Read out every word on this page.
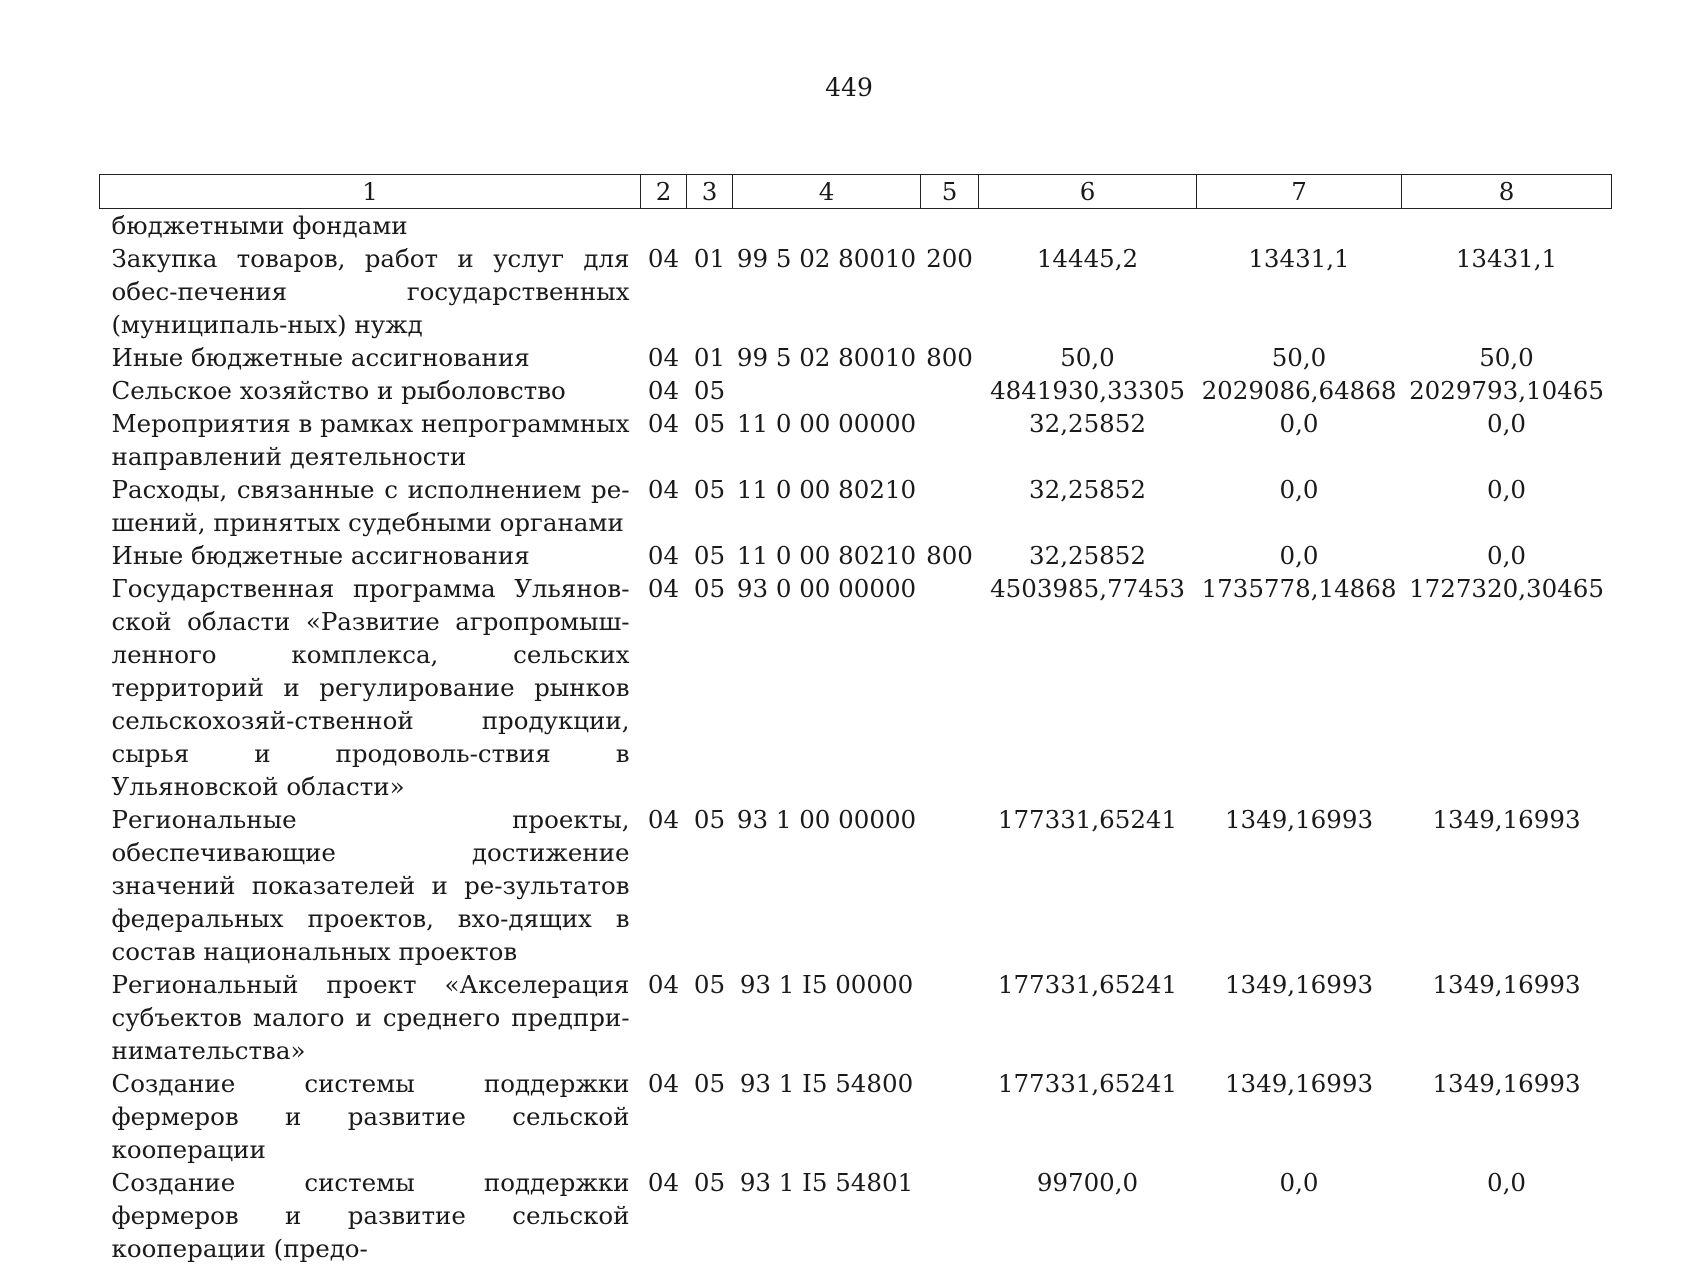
449
1	2	3	4	5	6	7	8
бюджетными фондами							
Закупка товаров, работ и услуг для обес-печения государственных (муниципаль-ных) нужд	04	01	99 5 02 80010	200	14445,2	13431,1	13431,1
Иные бюджетные ассигнования	04	01	99 5 02 80010	800	50,0	50,0	50,0
Сельское хозяйство и рыболовство	04	05			4841930,33305	2029086,64868	2029793,10465
Мероприятия в рамках непрограммных направлений деятельности	04	05	11 0 00 00000		32,25852	0,0	0,0
Расходы, связанные с исполнением ре-шений, принятых судебными органами	04	05	11 0 00 80210		32,25852	0,0	0,0
Иные бюджетные ассигнования	04	05	11 0 00 80210	800	32,25852	0,0	0,0
Государственная программа Ульянов-ской области «Развитие агропромыш-ленного комплекса, сельских территорий и регулирование рынков сельскохозяй-ственной продукции, сырья и продоволь-ствия в Ульяновской области»	04	05	93 0 00 00000		4503985,77453	1735778,14868	1727320,30465
Региональные проекты, обеспечивающие достижение значений показателей и ре-зультатов федеральных проектов, вхо-дящих в состав национальных проектов	04	05	93 1 00 00000		177331,65241	1349,16993	1349,16993
Региональный проект «Акселерация субъектов малого и среднего предпри-нимательства»	04	05	93 1 I5 00000		177331,65241	1349,16993	1349,16993
Создание системы поддержки фермеров и развитие сельской кооперации	04	05	93 1 I5 54800		177331,65241	1349,16993	1349,16993
Создание системы поддержки фермеров и развитие сельской кооперации (предо-	04	05	93 1 I5 54801		99700,0	0,0	0,0
